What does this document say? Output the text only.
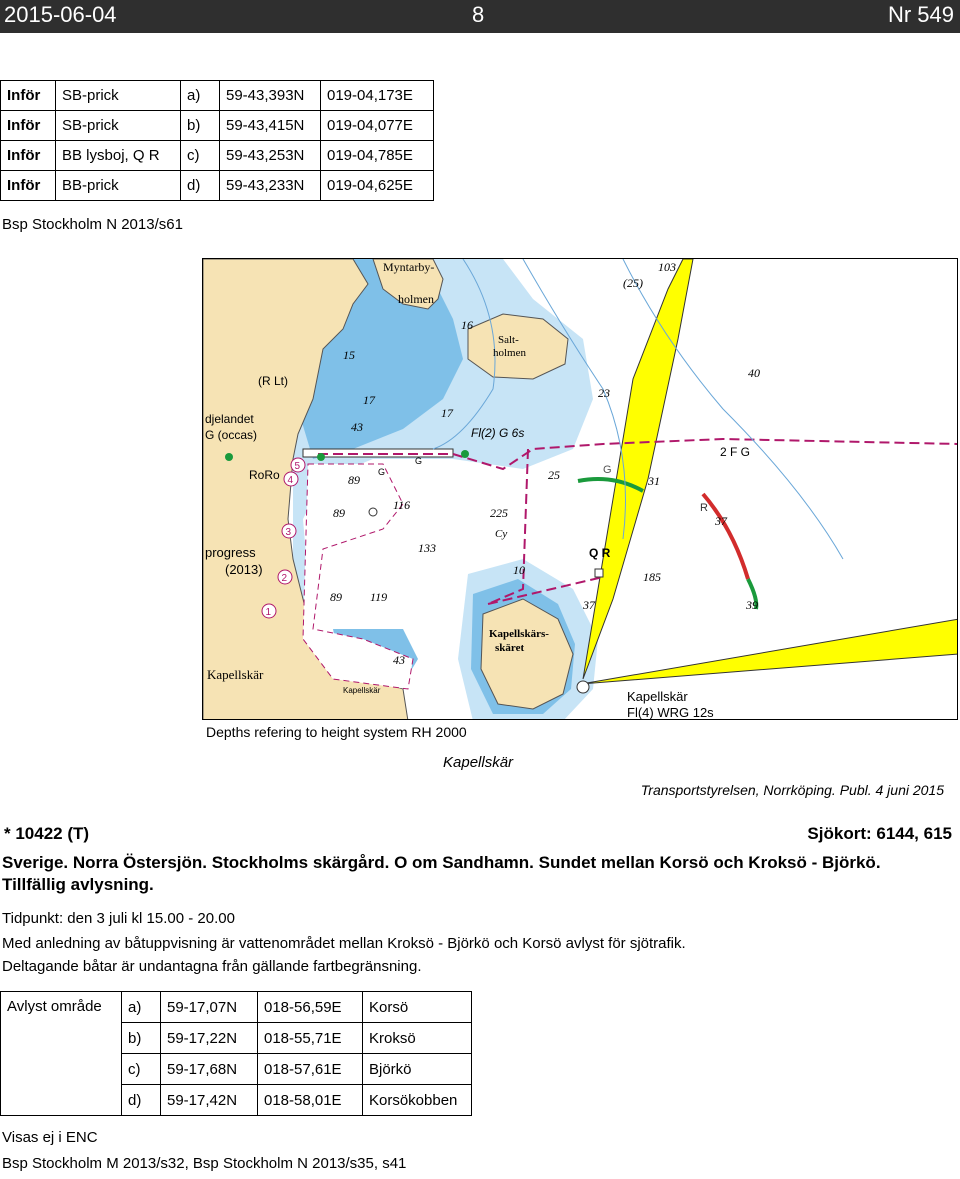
2015-06-04	8	Nr 549
Inför	SB-prick	a)	59-43,393N	019-04,173E
Inför	SB-prick	b)	59-43,415N	019-04,077E
Inför	BB lysboj, Q R	c)	59-43,253N	019-04,785E
Inför	BB-prick	d)	59-43,233N	019-04,625E
Bsp Stockholm N 2013/s61
Myntarby-
holmen
Salt-
holmen
(R Lt)
djelandet
G (occas)
RoRo
progress
(2013)
Fl(2) G 6s
2 F G
Q R
Kapellskärs-
skäret
Kapellskär
Kapellskär	Kapellskär
Fl(4) WRG 12s
G
G
G
R
Cy
103
(25)
16
15
23
40
17
43
17
25	31
89
116
225
37
89
133
10	185
89 119
37	39
43
5
4
3
2
1
Depths refering to height system RH 2000
Kapellskär
Transportstyrelsen, Norrköping. Publ. 4 juni 2015
* 10422 (T)	Sjökort: 6144, 615
Sverige. Norra Östersjön. Stockholms skärgård. O om Sandhamn. Sundet mellan Korsö och Kroksö - Björkö. Tillfällig avlysning.
Tidpunkt: den 3 juli kl 15.00 - 20.00
Med anledning av båtuppvisning är vattenområdet mellan Kroksö - Björkö och Korsö avlyst för sjötrafik.
Deltagande båtar är undantagna från gällande fartbegränsning.
Avlyst område	a)	59-17,07N	018-56,59E	Korsö
	b)	59-17,22N	018-55,71E	Kroksö
	c)	59-17,68N	018-57,61E	Björkö
	d)	59-17,42N	018-58,01E	Korsökobben
Visas ej i ENC
Bsp Stockholm M 2013/s32, Bsp Stockholm N 2013/s35, s41
